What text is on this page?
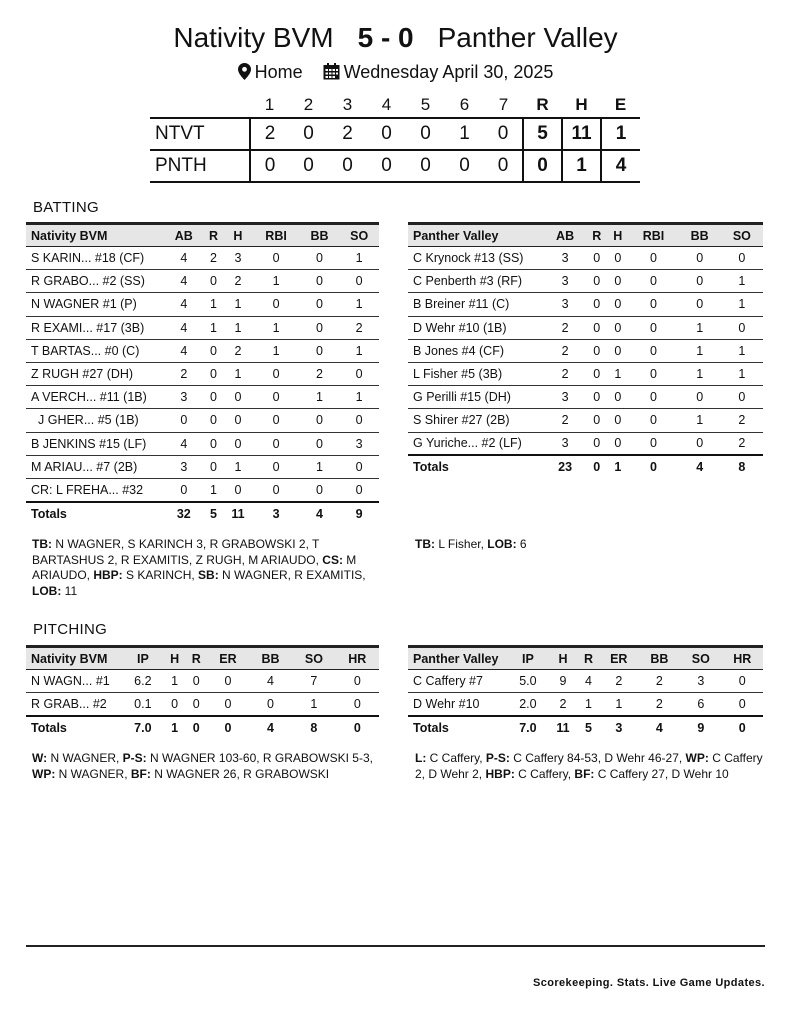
Nativity BVM 5 - 0 Panther Valley
Home Wednesday April 30, 2025
	1	2	3	4	5	6	7	R	H	E
NTVT	2	0	2	0	0	1	0	5	11	1
PNTH	0	0	0	0	0	0	0	0	1	4
BATTING
Nativity BVM	AB	R	H	RBI	BB	SO
S KARIN... #18 (CF)	4	2	3	0	0	1
R GRABO... #2 (SS)	4	0	2	1	0	0
N WAGNER #1 (P)	4	1	1	0	0	1
R EXAMI... #17 (3B)	4	1	1	1	0	2
T BARTAS... #0 (C)	4	0	2	1	0	1
Z RUGH #27 (DH)	2	0	1	0	2	0
A VERCH... #11 (1B)	3	0	0	0	1	1
J GHER... #5 (1B)	0	0	0	0	0	0
B JENKINS #15 (LF)	4	0	0	0	0	3
M ARIAU... #7 (2B)	3	0	1	0	1	0
CR: L FREHA... #32	0	1	0	0	0	0
Totals	32	5	11	3	4	9
Panther Valley	AB	R	H	RBI	BB	SO
C Krynock #13 (SS)	3	0	0	0	0	0
C Penberth #3 (RF)	3	0	0	0	0	1
B Breiner #11 (C)	3	0	0	0	0	1
D Wehr #10 (1B)	2	0	0	0	1	0
B Jones #4 (CF)	2	0	0	0	1	1
L Fisher #5 (3B)	2	0	1	0	1	1
G Perilli #15 (DH)	3	0	0	0	0	0
S Shirer #27 (2B)	2	0	0	0	1	2
G Yuriche... #2 (LF)	3	0	0	0	0	2
Totals	23	0	1	0	4	8
TB: N WAGNER, S KARINCH 3, R GRABOWSKI 2, T BARTASHUS 2, R EXAMITIS, Z RUGH, M ARIAUDO, CS: M ARIAUDO, HBP: S KARINCH, SB: N WAGNER, R EXAMITIS, LOB: 11
TB: L Fisher, LOB: 6
PITCHING
Nativity BVM	IP	H	R	ER	BB	SO	HR
N WAGN... #1	6.2	1	0	0	4	7	0
R GRAB... #2	0.1	0	0	0	0	1	0
Totals	7.0	1	0	0	4	8	0
Panther Valley	IP	H	R	ER	BB	SO	HR
C Caffery #7	5.0	9	4	2	2	3	0
D Wehr #10	2.0	2	1	1	2	6	0
Totals	7.0	11	5	3	4	9	0
W: N WAGNER, P-S: N WAGNER 103-60, R GRABOWSKI 5-3, WP: N WAGNER, BF: N WAGNER 26, R GRABOWSKI
L: C Caffery, P-S: C Caffery 84-53, D Wehr 46-27, WP: C Caffery 2, D Wehr 2, HBP: C Caffery, BF: C Caffery 27, D Wehr 10
Scorekeeping. Stats. Live Game Updates.
